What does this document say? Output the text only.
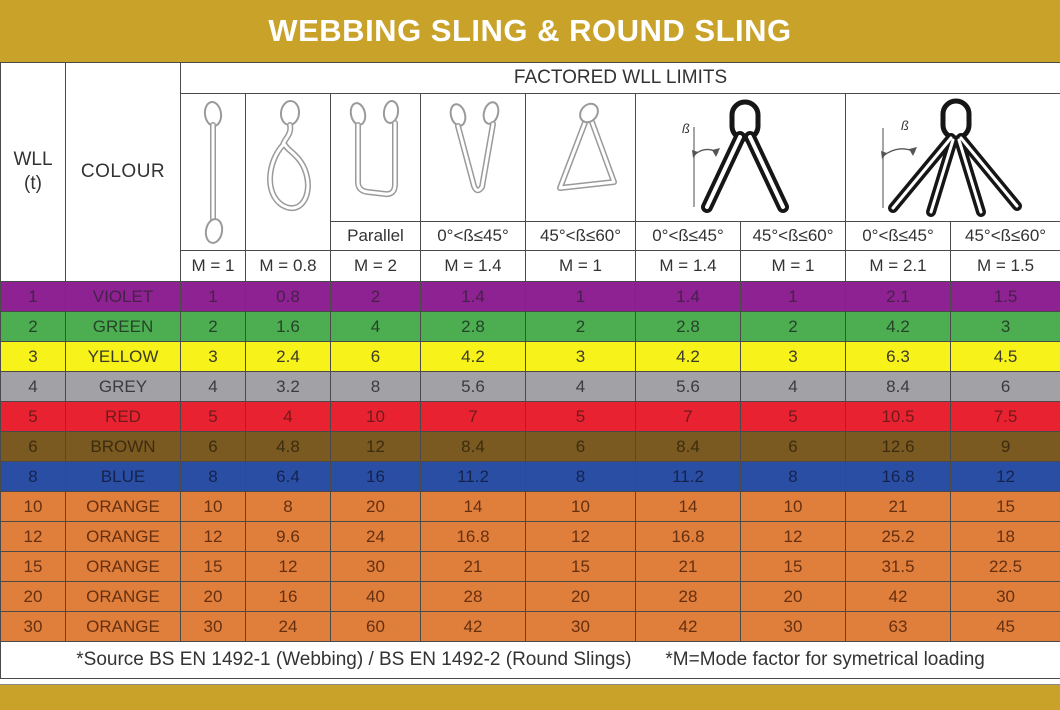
WEBBING SLING & ROUND SLING
WLL
(t)	COLOUR	FACTORED WLL LIMITS								

ß		ß	

				Parallel	0°<ß≤45°	45°<ß≤60°	0°<ß≤45°	45°<ß≤60°	0°<ß≤45°	45°<ß≤60°
		M = 1	M = 0.8	M = 2	M = 1.4	M = 1	M = 1.4	M = 1	M = 2.1	M = 1.5
1	VIOLET	1	0.8	2	1.4	1	1.4	1	2.1	1.5
2	GREEN	2	1.6	4	2.8	2	2.8	2	4.2	3
3	YELLOW	3	2.4	6	4.2	3	4.2	3	6.3	4.5
4	GREY	4	3.2	8	5.6	4	5.6	4	8.4	6
5	RED	5	4	10	7	5	7	5	10.5	7.5
6	BROWN	6	4.8	12	8.4	6	8.4	6	12.6	9
8	BLUE	8	6.4	16	11.2	8	11.2	8	16.8	12
10	ORANGE	10	8	20	14	10	14	10	21	15
12	ORANGE	12	9.6	24	16.8	12	16.8	12	25.2	18
15	ORANGE	15	12	30	21	15	21	15	31.5	22.5
20	ORANGE	20	16	40	28	20	28	20	42	30
30	ORANGE	30	24	60	42	30	42	30	63	45
*Source BS EN 1492-1 (Webbing) / BS EN 1492-2 (Round Slings) *M=Mode factor for symetrical loading										
